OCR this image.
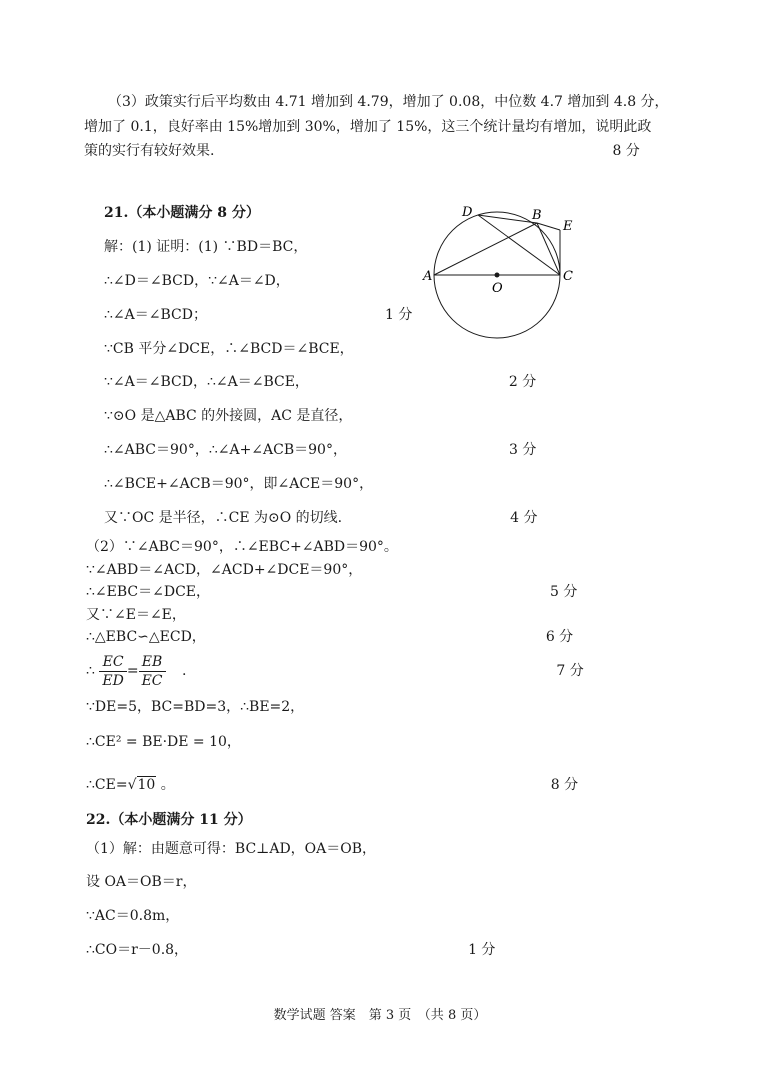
（3）政策实行后平均数由 4.71 增加到 4.79，增加了 0.08，中位数 4.7 增加到 4.8 分，
增加了 0.1，良好率由 15%增加到 30%，增加了 15%，这三个统计量均有增加，说明此政
策的实行有较好效果.	8 分
21.（本小题满分 8 分）
解：(1) 证明：(1) ∵BD＝BC，
∴∠D＝∠BCD，∵∠A＝∠D，
∴∠A＝∠BCD；	1 分
∵CB 平分∠DCE，∴∠BCD＝∠BCE，
∵∠A＝∠BCD，∴∠A＝∠BCE，	2 分
∵⊙O 是△ABC 的外接圆，AC 是直径，
∴∠ABC＝90°，∴∠A+∠ACB＝90°，	3 分
∴∠BCE+∠ACB＝90°，即∠ACE＝90°，
又∵OC 是半径，∴CE 为⊙O 的切线.	4 分
（2）∵∠ABC＝90°，∴∠EBC+∠ABD＝90°。
∵∠ABD＝∠ACD，∠ACD+∠DCE＝90°，
∴∠EBC＝∠DCE，	5 分
又∵∠E＝∠E，
∴△EBC∽△ECD，	6 分
∴ $\frac{EC}{ED} = \frac{EB}{EC}$ .	7 分
∵DE=5，BC=BD=3，∴BE=2，
∴CE² = BE·DE = 10，
∴CE=√10 。	8 分
A
B
C
D
E
O
22.（本小题满分 11 分）
（1）解：由题意可得：BC⊥AD，OA＝OB，
设 OA＝OB＝r，
∵AC＝0.8m，
∴CO＝r－0.8，	1 分
数学试题 答案　第 3 页　（共 8 页）
